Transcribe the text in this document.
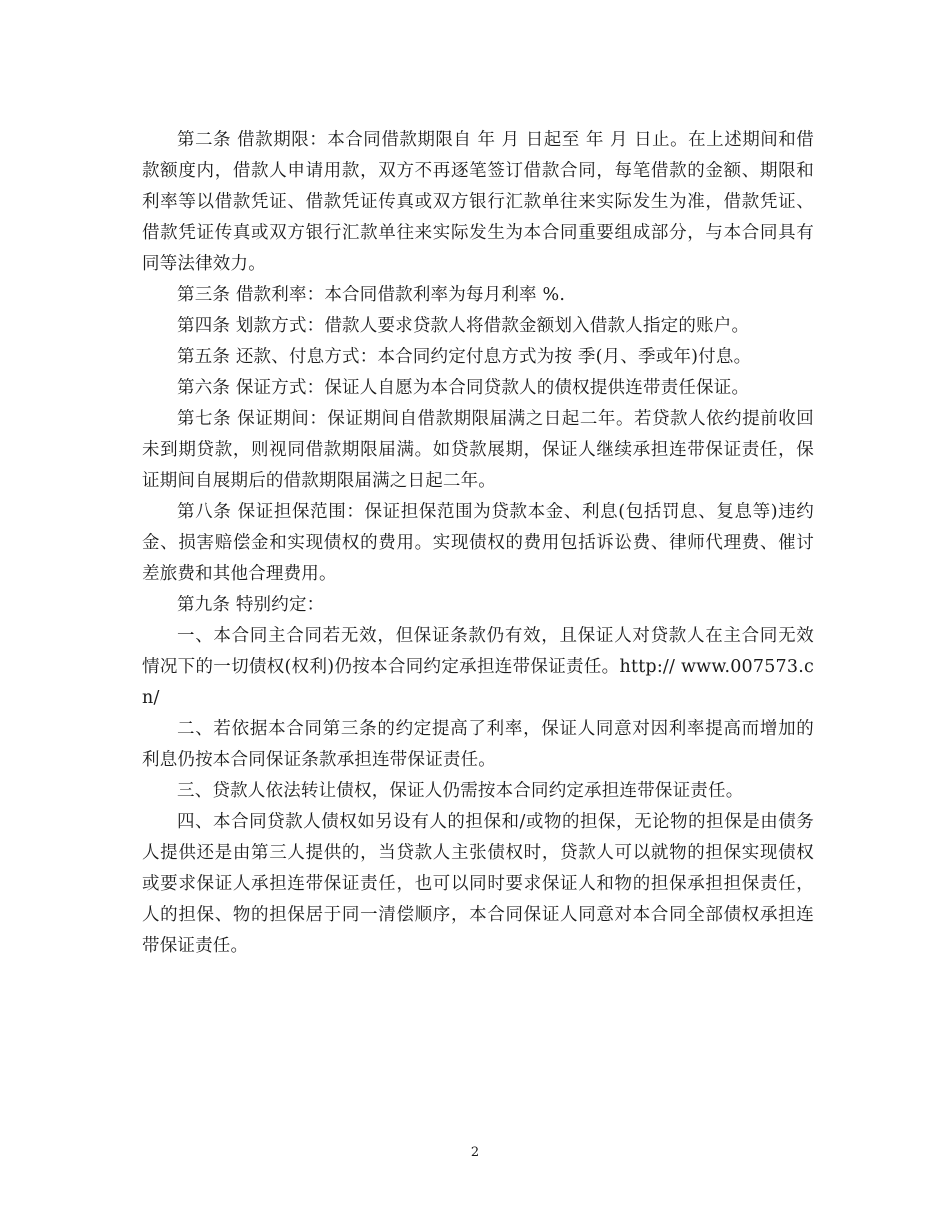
第二条 借款期限：本合同借款期限自 年 月 日起至 年 月 日止。在上述期间和借款额度内，借款人申请用款，双方不再逐笔签订借款合同，每笔借款的金额、期限和利率等以借款凭证、借款凭证传真或双方银行汇款单往来实际发生为准，借款凭证、借款凭证传真或双方银行汇款单往来实际发生为本合同重要组成部分，与本合同具有同等法律效力。

第三条 借款利率：本合同借款利率为每月利率 %.

第四条 划款方式：借款人要求贷款人将借款金额划入借款人指定的账户。

第五条 还款、付息方式：本合同约定付息方式为按 季(月、季或年)付息。

第六条 保证方式：保证人自愿为本合同贷款人的债权提供连带责任保证。

第七条 保证期间：保证期间自借款期限届满之日起二年。若贷款人依约提前收回未到期贷款，则视同借款期限届满。如贷款展期，保证人继续承担连带保证责任，保证期间自展期后的借款期限届满之日起二年。

第八条 保证担保范围：保证担保范围为贷款本金、利息(包括罚息、复息等)违约金、损害赔偿金和实现债权的费用。实现债权的费用包括诉讼费、律师代理费、催讨差旅费和其他合理费用。

第九条 特别约定：

一、本合同主合同若无效，但保证条款仍有效，且保证人对贷款人在主合同无效情况下的一切债权(权利)仍按本合同约定承担连带保证责任。http:// www.007573.cn/

二、若依据本合同第三条的约定提高了利率，保证人同意对因利率提高而增加的利息仍按本合同保证条款承担连带保证责任。

三、贷款人依法转让债权，保证人仍需按本合同约定承担连带保证责任。

四、本合同贷款人债权如另设有人的担保和/或物的担保，无论物的担保是由债务人提供还是由第三人提供的，当贷款人主张债权时，贷款人可以就物的担保实现债权或要求保证人承担连带保证责任，也可以同时要求保证人和物的担保承担担保责任，人的担保、物的担保居于同一清偿顺序，本合同保证人同意对本合同全部债权承担连带保证责任。

2
